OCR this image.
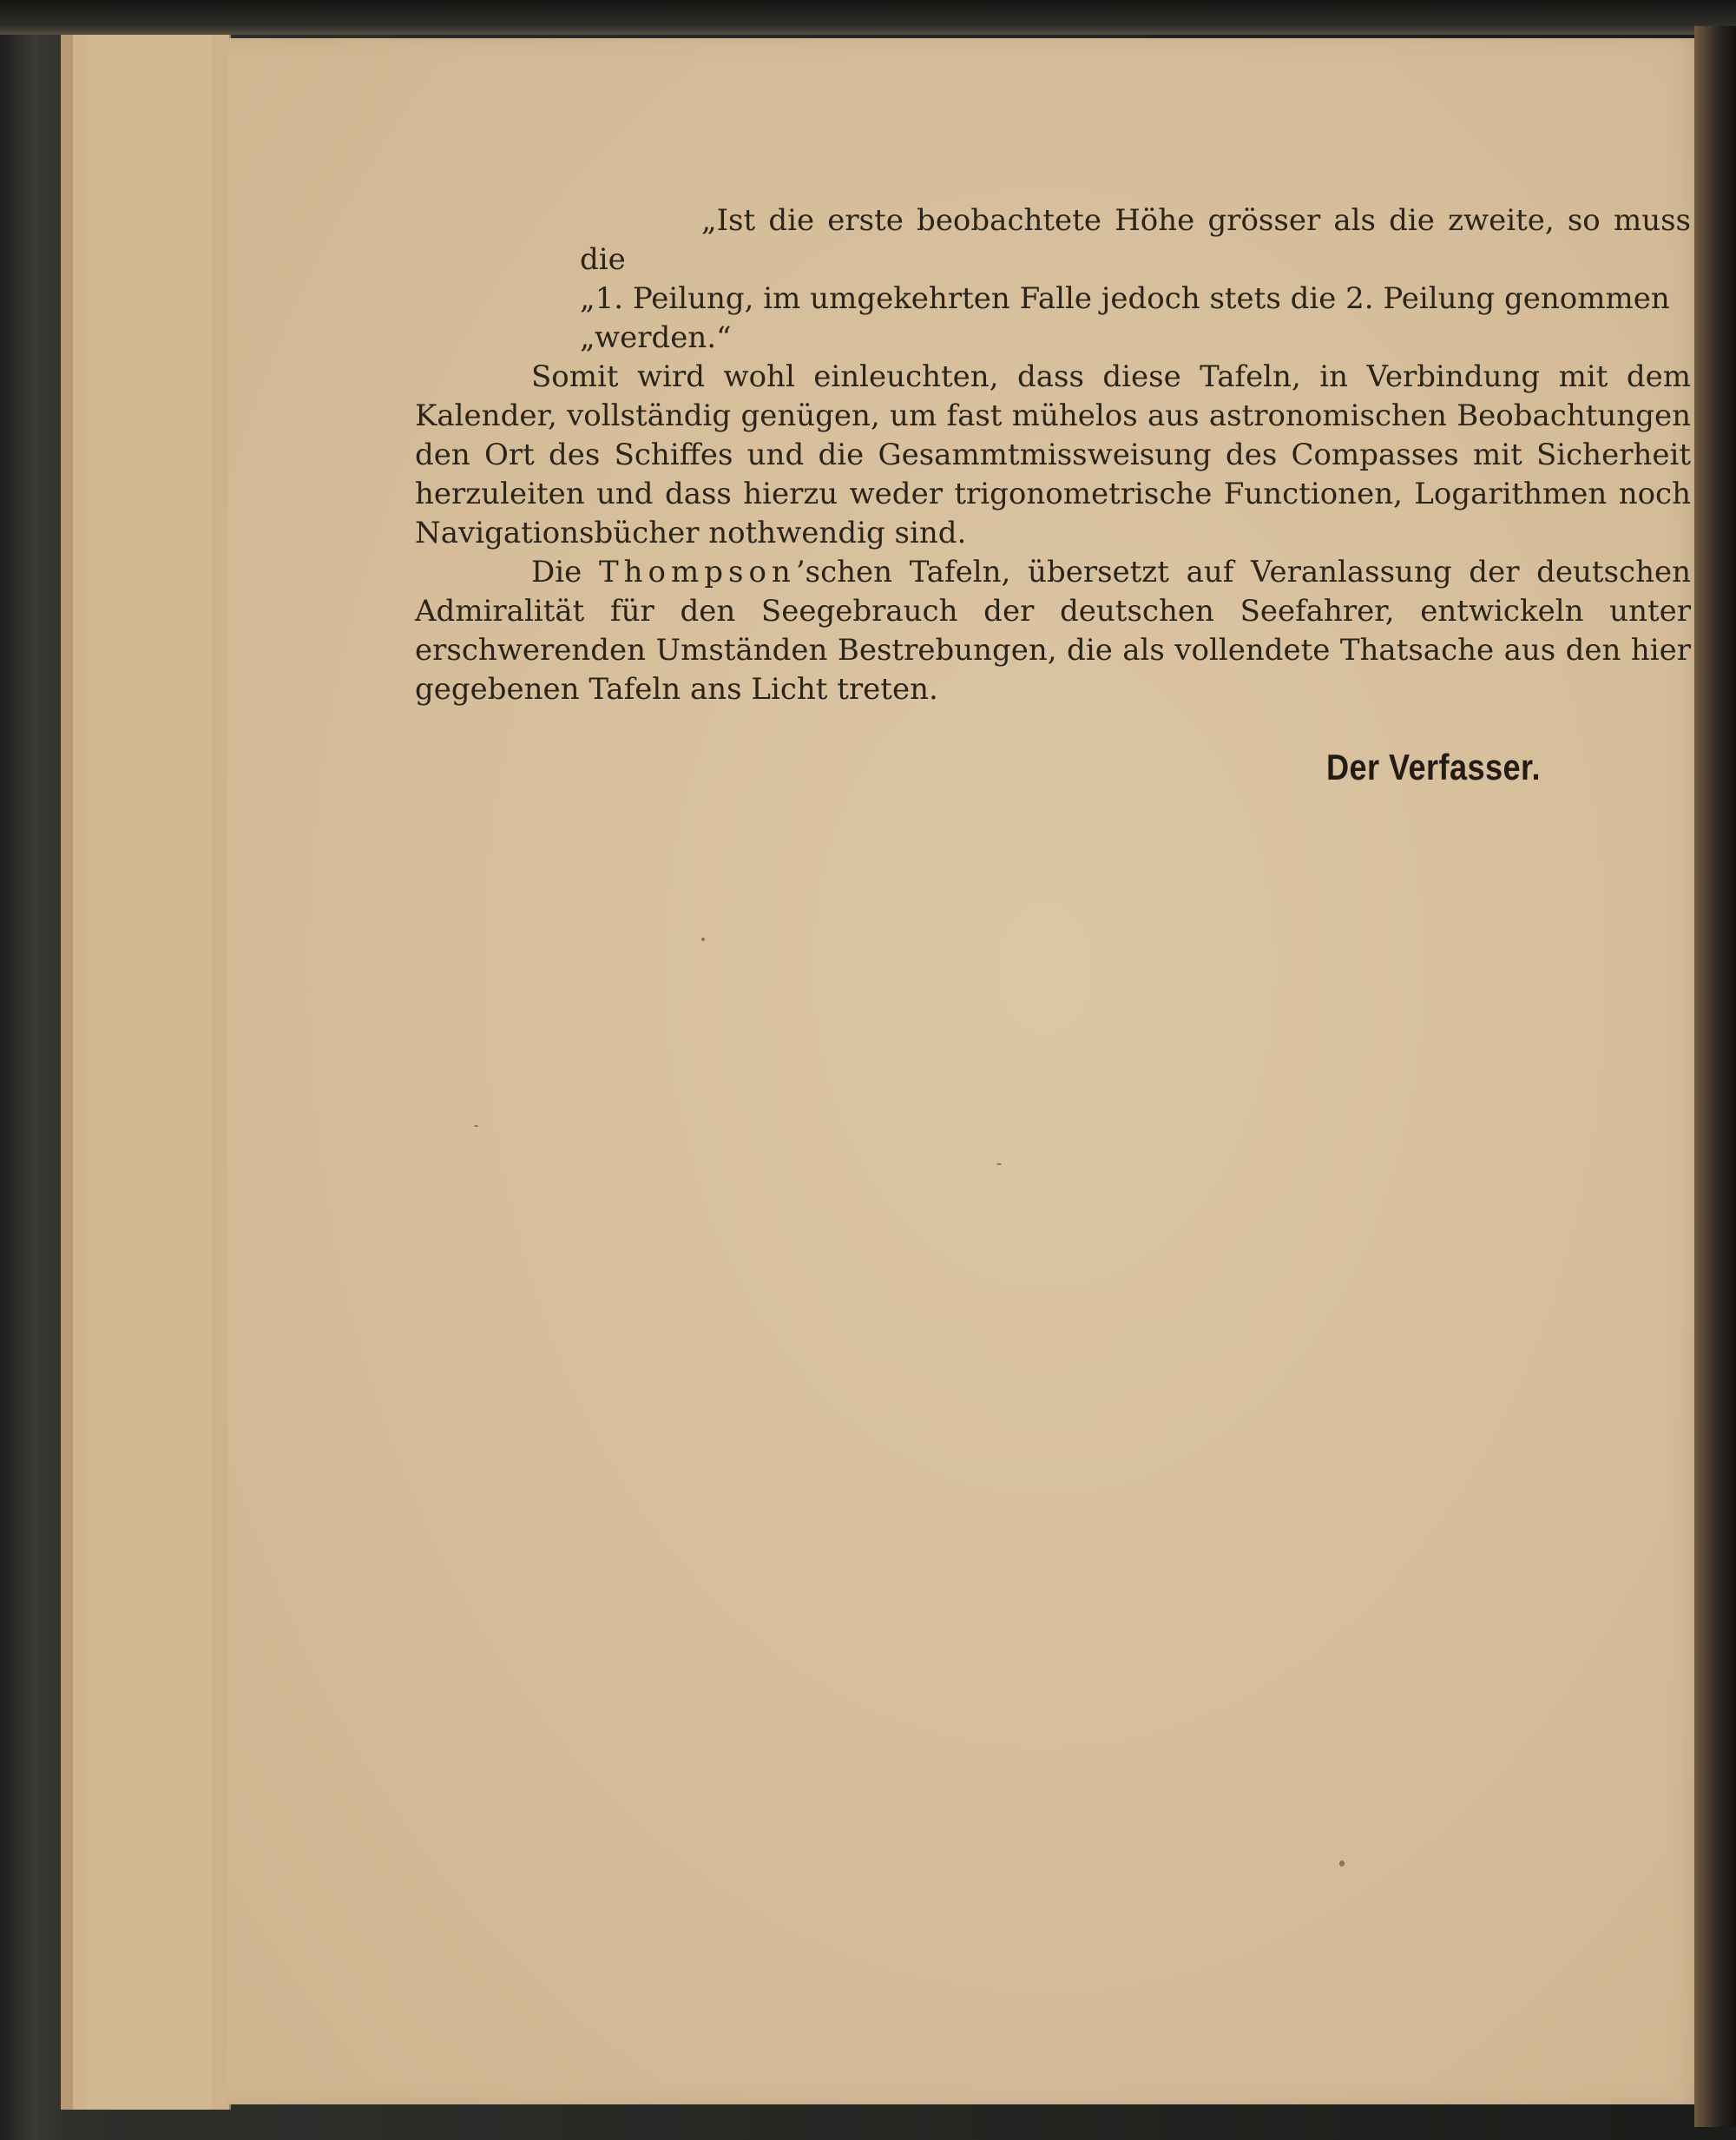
„Ist die erste beobachtete Höhe grösser als die zweite, so muss die
„1. Peilung, im umgekehrten Falle jedoch stets die 2. Peilung genommen
„werden.“

Somit wird wohl einleuchten, dass diese Tafeln, in Verbindung mit dem Kalender, vollständig genügen, um fast mühelos aus astronomischen Beobachtungen den Ort des Schiffes und die Gesammtmissweisung des Compasses mit Sicherheit herzuleiten und dass hierzu weder trigonometrische Functionen, Logarithmen noch Navigationsbücher nothwendig sind.

Die Thompson’schen Tafeln, übersetzt auf Veranlassung der deutschen Admiralität für den Seegebrauch der deutschen Seefahrer, entwickeln unter erschwerenden Umständen Bestrebungen, die als vollendete Thatsache aus den hier gegebenen Tafeln ans Licht treten.

Der Verfasser.
